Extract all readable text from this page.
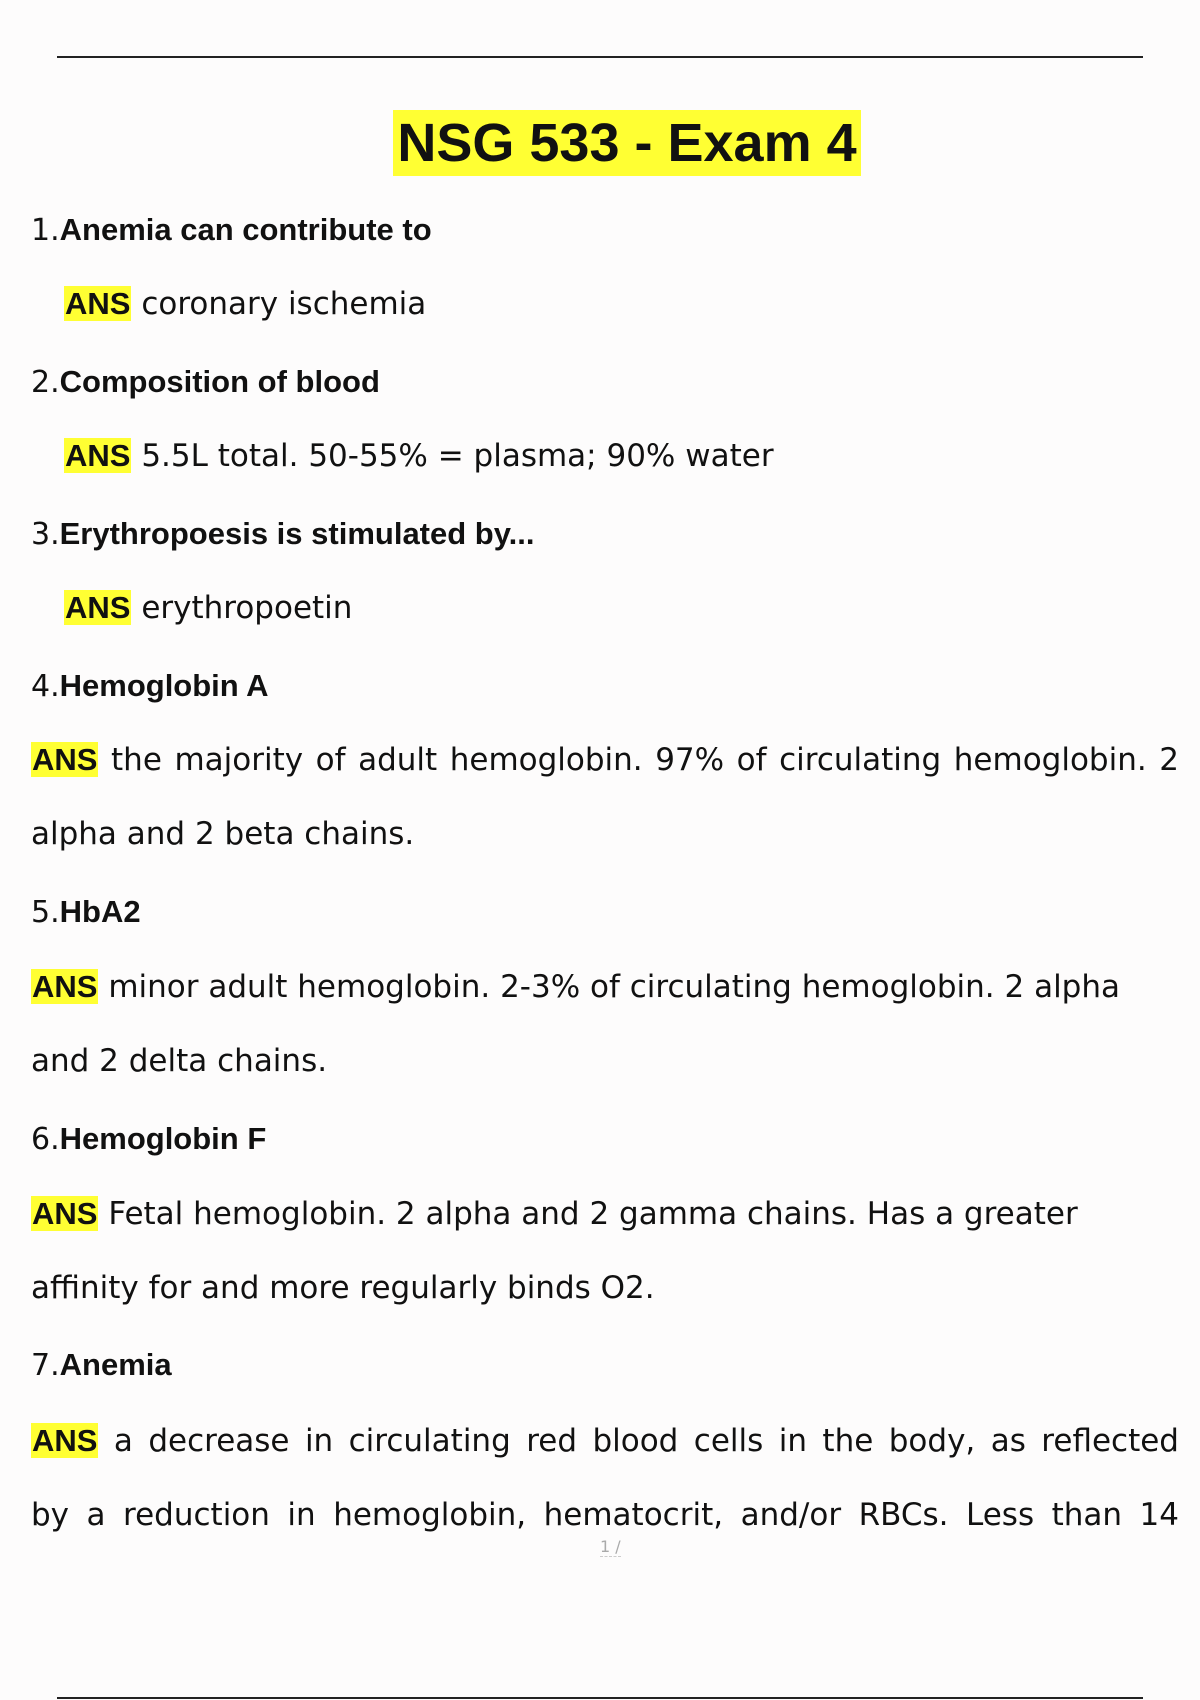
NSG 533 - Exam 4
1.Anemia can contribute to
ANS coronary ischemia
2.Composition of blood
ANS 5.5L total. 50-55% = plasma; 90% water
3.Erythropoesis is stimulated by...
ANS erythropoetin
4.Hemoglobin A
ANS the majority of adult hemoglobin. 97% of circulating hemoglobin. 2
alpha and 2 beta chains.
5.HbA2
ANS minor adult hemoglobin. 2-3% of circulating hemoglobin. 2 alpha
and 2 delta chains.
6.Hemoglobin F
ANS Fetal hemoglobin. 2 alpha and 2 gamma chains. Has a greater
affinity for and more regularly binds O2.
7.Anemia
ANS a decrease in circulating red blood cells in the body, as reflected
by a reduction in hemoglobin, hematocrit, and/or RBCs. Less than 14
1 /
